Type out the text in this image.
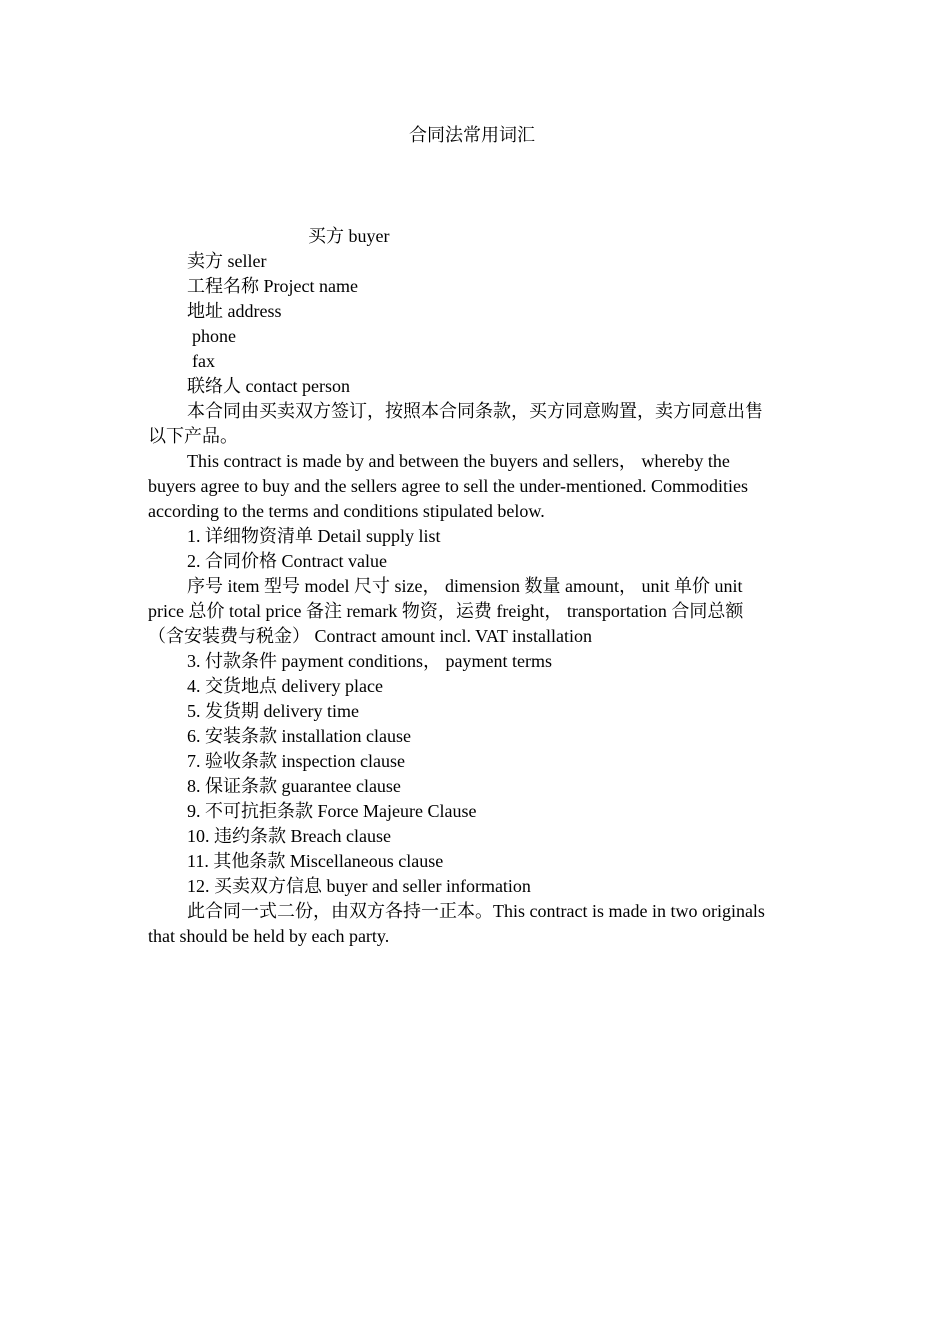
合同法常用词汇
买方 buyer
卖方 seller
工程名称 Project name
地址 address
phone
fax
联络人 contact person
本合同由买卖双方签订，按照本合同条款，买方同意购置，卖方同意出售
以下产品。
This contract is made by and between the buyers and sellers， whereby the
buyers agree to buy and the sellers agree to sell the under-mentioned. Commodities
according to the terms and conditions stipulated below.
1. 详细物资清单 Detail supply list
2. 合同价格 Contract value
序号 item 型号 model 尺寸 size， dimension 数量 amount， unit 单价 unit
price 总价 total price 备注 remark 物资，运费 freight， transportation 合同总额
（含安装费与税金） Contract amount incl. VAT installation
3. 付款条件 payment conditions， payment terms
4. 交货地点 delivery place
5. 发货期 delivery time
6. 安装条款 installation clause
7. 验收条款 inspection clause
8. 保证条款 guarantee clause
9. 不可抗拒条款 Force Majeure Clause
10. 违约条款 Breach clause
11. 其他条款 Miscellaneous clause
12. 买卖双方信息 buyer and seller information
此合同一式二份，由双方各持一正本。This contract is made in two originals
that should be held by each party.
